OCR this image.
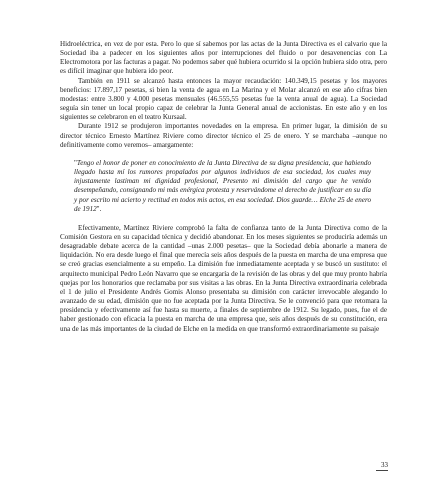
Hidroeléctrica, en vez de por esta. Pero lo que sí sabemos por las actas de la Junta Directiva es el calvario que la Sociedad iba a padecer en los siguientes años por interrupciones del fluido o por desavenencias con La Electromotora por las facturas a pagar. No podemos saber qué hubiera ocurrido si la opción hubiera sido otra, pero es difícil imaginar que hubiera ido peor.

También en 1911 se alcanzó hasta entonces la mayor recaudación: 140.349,15 pesetas y los mayores beneficios: 17.897,17 pesetas, si bien la venta de agua en La Marina y el Molar alcanzó en ese año cifras bien modestas: entre 3.800 y 4.000 pesetas mensuales (46.555,55 pesetas fue la venta anual de agua). La Sociedad seguía sin tener un local propio capaz de celebrar la Junta General anual de accionistas. En este año y en los siguientes se celebraron en el teatro Kursaal.

Durante 1912 se produjeron importantes novedades en la empresa. En primer lugar, la dimisión de su director técnico Ernesto Martínez Riviere como director técnico el 25 de enero. Y se marchaba –aunque no definitivamente como veremos– amargamente:

"Tengo el honor de poner en conocimiento de la Junta Directiva de su digna presidencia, que habiendo llegado hasta mí los rumores propalados por algunos individuos de esa sociedad, los cuales muy injustamente lastiman mi dignidad profesional, Presento mi dimisión del cargo que he venido desempeñando, consignando mi más enérgica protesta y reservándome el derecho de justificar en su día y por escrito mi acierto y rectitud en todos mis actos, en esa sociedad. Dios guarde… Elche 25 de enero de 1912".

Efectivamente, Martínez Riviere comprobó la falta de confianza tanto de la Junta Directiva como de la Comisión Gestora en su capacidad técnica y decidió abandonar. En los meses siguientes se produciría además un desagradable debate acerca de la cantidad –unas 2.000 pesetas– que la Sociedad debía abonarle a manera de liquidación. No era desde luego el final que merecía seis años después de la puesta en marcha de una empresa que se creó gracias esencialmente a su empeño. La dimisión fue inmediatamente aceptada y se buscó un sustituto: el arquitecto municipal Pedro León Navarro que se encargaría de la revisión de las obras y del que muy pronto habría quejas por los honorarios que reclamaba por sus visitas a las obras. En la Junta Directiva extraordinaria celebrada el 1 de julio el Presidente Andrés Gomis Alonso presentaba su dimisión con carácter irrevocable alegando lo avanzado de su edad, dimisión que no fue aceptada por la Junta Directiva. Se le convenció para que retomara la presidencia y efectivamente así fue hasta su muerte, a finales de septiembre de 1912. Su legado, pues, fue el de haber gestionado con eficacia la puesta en marcha de una empresa que, seis años después de su constitución, era una de las más importantes de la ciudad de Elche en la medida en que transformó extraordinariamente su paisaje

33
